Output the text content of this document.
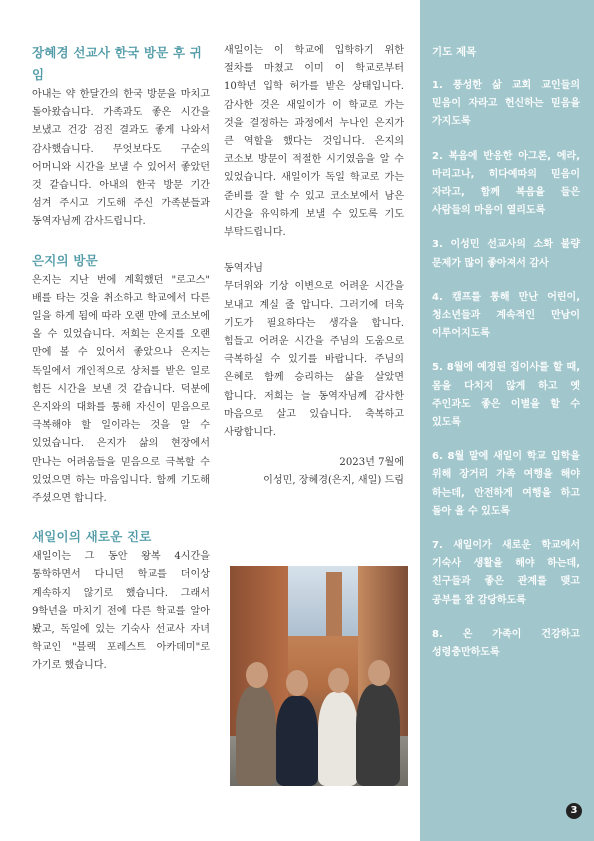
장혜경 선교사 한국 방문 후 귀임

아내는 약 한달간의 한국 방문을 마치고 돌아왔습니다. 가족과도 좋은 시간을 보냈고 건강 검진 결과도 좋게 나와서 감사했습니다. 무엇보다도 구순의 어머니와 시간을 보낼 수 있어서 좋았던 것 같습니다. 아내의 한국 방문 기간 섬겨 주시고 기도해 주신 가족분들과 동역자님께 감사드립니다.

은지의 방문

은지는 지난 번에 계획했던 "로고스" 배를 타는 것을 취소하고 학교에서 다른 일을 하게 됨에 따라 오랜 만에 코소보에 올 수 있었습니다. 저희는 은지를 오랜 만에 볼 수 있어서 좋았으나 은지는 독일에서 개인적으로 상처를 받은 일로 힘든 시간을 보낸 것 같습니다. 덕분에 은지와의 대화를 통해 자신이 믿음으로 극복해야 할 일이라는 것을 알 수 있었습니다. 은지가 삶의 현장에서 만나는 어려움들을 믿음으로 극복할 수 있었으면 하는 마음입니다. 함께 기도해 주셨으면 합니다.

새일이의 새로운 진로

새일이는 그 동안 왕복 4시간을 통학하면서 다니던 학교를 더이상 계속하지 않기로 했습니다. 그래서 9학년을 마치기 전에 다른 학교를 알아 봤고, 독일에 있는 기숙사 선교사 자녀 학교인 "블랙 포레스트 아카데미"로 가기로 했습니다.

새일이는 이 학교에 입학하기 위한 절차를 마쳤고 이미 이 학교로부터 10학년 입학 허가를 받은 상태입니다. 감사한 것은 새일이가 이 학교로 가는 것을 결정하는 과정에서 누나인 은지가 큰 역할을 했다는 것입니다. 은지의 코소보 방문이 적절한 시기였음을 알 수 있었습니다. 새일이가 독일 학교로 가는 준비를 잘 할 수 있고 코소보에서 남은 시간을 유익하게 보낼 수 있도록 기도 부탁드립니다.

동역자님

무더위와 기상 이변으로 어려운 시간을 보내고 계실 줄 압니다. 그러기에 더욱 기도가 필요하다는 생각을 합니다. 힘들고 어려운 시간을 주님의 도움으로 극복하실 수 있기를 바랍니다. 주님의 은혜로 함께 승리하는 삶을 살았면 합니다. 저희는 늘 동역자님께 감사한 마음으로 살고 있습니다. 축복하고 사랑합니다.

2023년 7월에

이성민, 장혜경(은지, 새일) 드림

기도 제목
1. 풍성한 삶 교회 교인들의 믿음이 자라고 헌신하는 믿음을 가지도록
2. 복음에 반응한 아그론, 에라, 마리고나, 히다예따의 믿음이 자라고, 함께 복음을 들은 사람들의 마음이 열리도록
3. 이성민 선교사의 소화 불량 문제가 많이 좋아져서 감사
4. 캠프를 통해 만난 어린이, 청소년들과 계속적인 만남이 이루어지도록
5. 8월에 예정된 집이사를 할 때, 몸을 다치지 않게 하고 옛 주인과도 좋은 이별을 할 수 있도록
6. 8월 말에 새일이 학교 입학을 위해 장거리 가족 여행을 해야 하는데, 안전하게 여행을 하고 돌아 올 수 있도록
7. 새일이가 새로운 학교에서 기숙사 생활을 해야 하는데, 친구들과 좋은 관계를 맺고 공부를 잘 감당하도록
8. 온 가족이 건강하고 성령충만하도록
3
